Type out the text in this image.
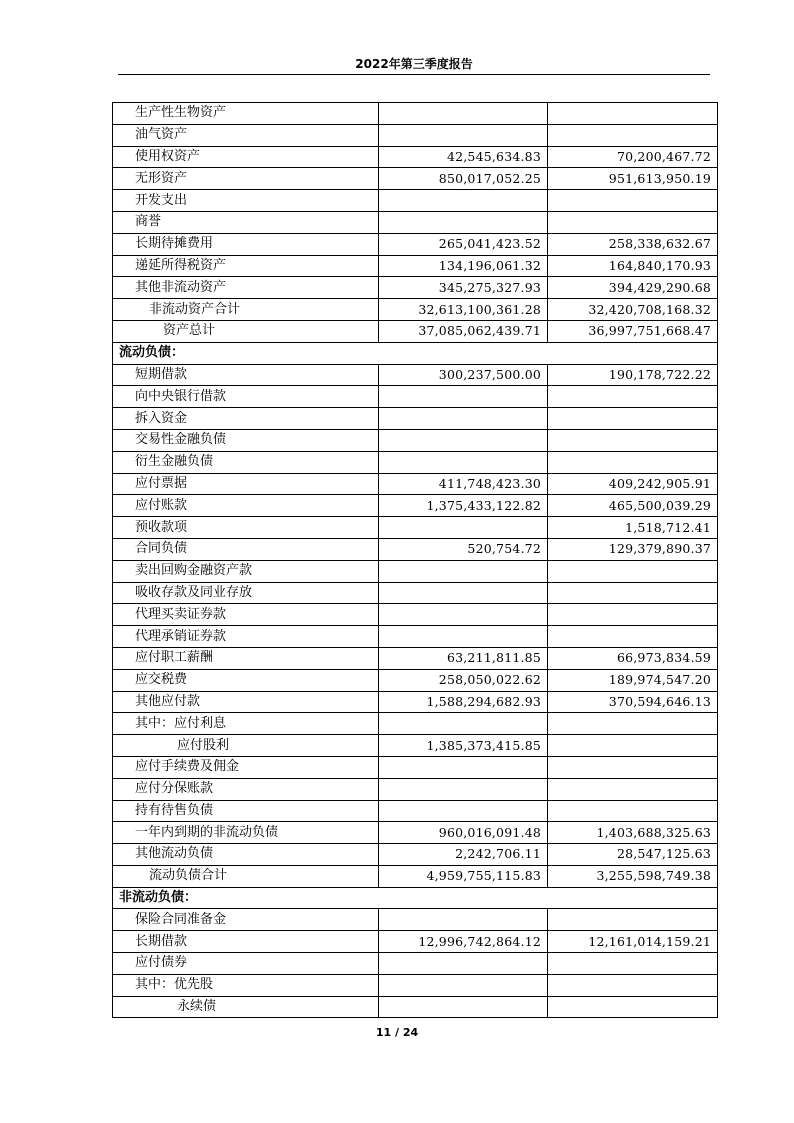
2022年第三季度报告
生产性生物资产		
油气资产		
使用权资产	42,545,634.83	70,200,467.72
无形资产	850,017,052.25	951,613,950.19
开发支出		
商誉		
长期待摊费用	265,041,423.52	258,338,632.67
递延所得税资产	134,196,061.32	164,840,170.93
其他非流动资产	345,275,327.93	394,429,290.68
非流动资产合计	32,613,100,361.28	32,420,708,168.32
资产总计	37,085,062,439.71	36,997,751,668.47
流动负债：		
短期借款	300,237,500.00	190,178,722.22
向中央银行借款		
拆入资金		
交易性金融负债		
衍生金融负债		
应付票据	411,748,423.30	409,242,905.91
应付账款	1,375,433,122.82	465,500,039.29
预收款项		1,518,712.41
合同负债	520,754.72	129,379,890.37
卖出回购金融资产款		
吸收存款及同业存放		
代理买卖证券款		
代理承销证券款		
应付职工薪酬	63,211,811.85	66,973,834.59
应交税费	258,050,022.62	189,974,547.20
其他应付款	1,588,294,682.93	370,594,646.13
其中：应付利息		
应付股利	1,385,373,415.85	
应付手续费及佣金		
应付分保账款		
持有待售负债		
一年内到期的非流动负债	960,016,091.48	1,403,688,325.63
其他流动负债	2,242,706.11	28,547,125.63
流动负债合计	4,959,755,115.83	3,255,598,749.38
非流动负债：		
保险合同准备金		
长期借款	12,996,742,864.12	12,161,014,159.21
应付债券		
其中：优先股		
永续债		
11 / 24
